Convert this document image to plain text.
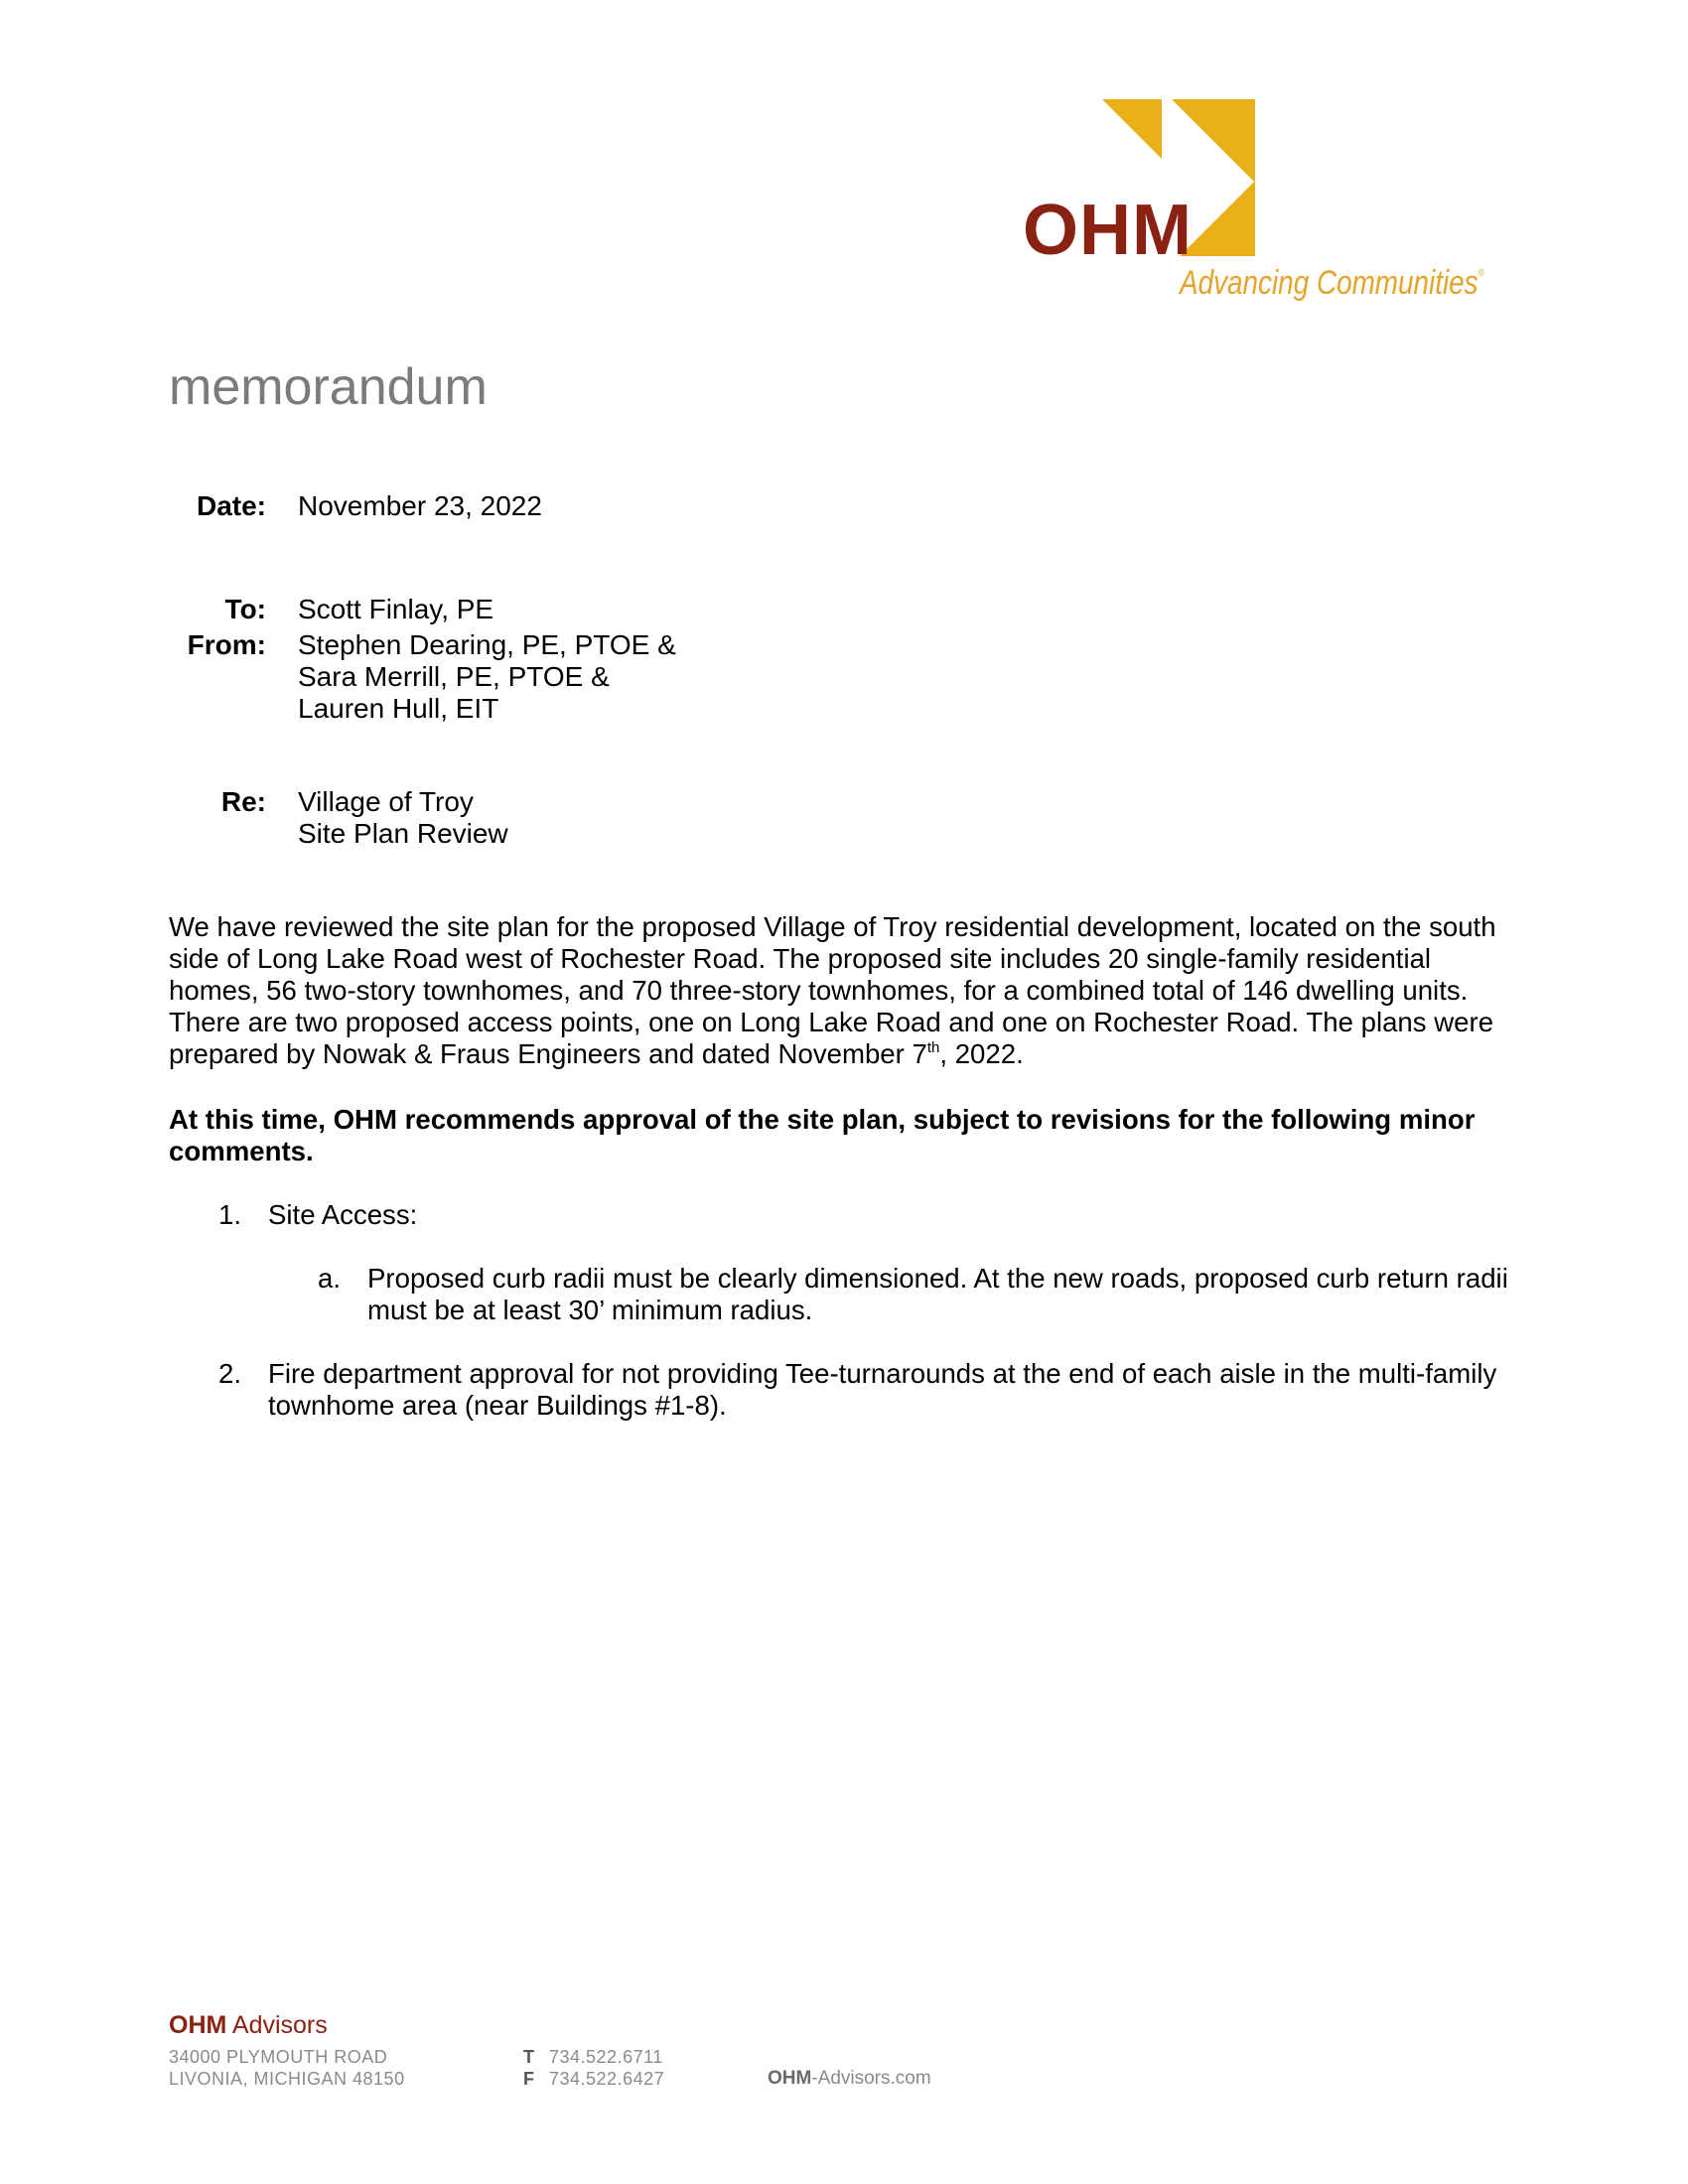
OHM
Advancing Communities®
memorandum
Date: November 23, 2022
To: Scott Finlay, PE
From: Stephen Dearing, PE, PTOE &
Sara Merrill, PE, PTOE &
Lauren Hull, EIT
Re: Village of Troy
Site Plan Review
We have reviewed the site plan for the proposed Village of Troy residential development, located on the south
side of Long Lake Road west of Rochester Road. The proposed site includes 20 single-family residential
homes, 56 two-story townhomes, and 70 three-story townhomes, for a combined total of 146 dwelling units.
There are two proposed access points, one on Long Lake Road and one on Rochester Road. The plans were
prepared by Nowak & Fraus Engineers and dated November 7th, 2022.
At this time, OHM recommends approval of the site plan, subject to revisions for the following minor
comments.
1. Site Access:
a. Proposed curb radii must be clearly dimensioned. At the new roads, proposed curb return radii
must be at least 30’ minimum radius.
2. Fire department approval for not providing Tee-turnarounds at the end of each aisle in the multi-family
townhome area (near Buildings #1-8).
OHM Advisors
34000 PLYMOUTH ROAD
LIVONIA, MICHIGAN 48150
T 734.522.6711
F 734.522.6427	OHM-Advisors.com
